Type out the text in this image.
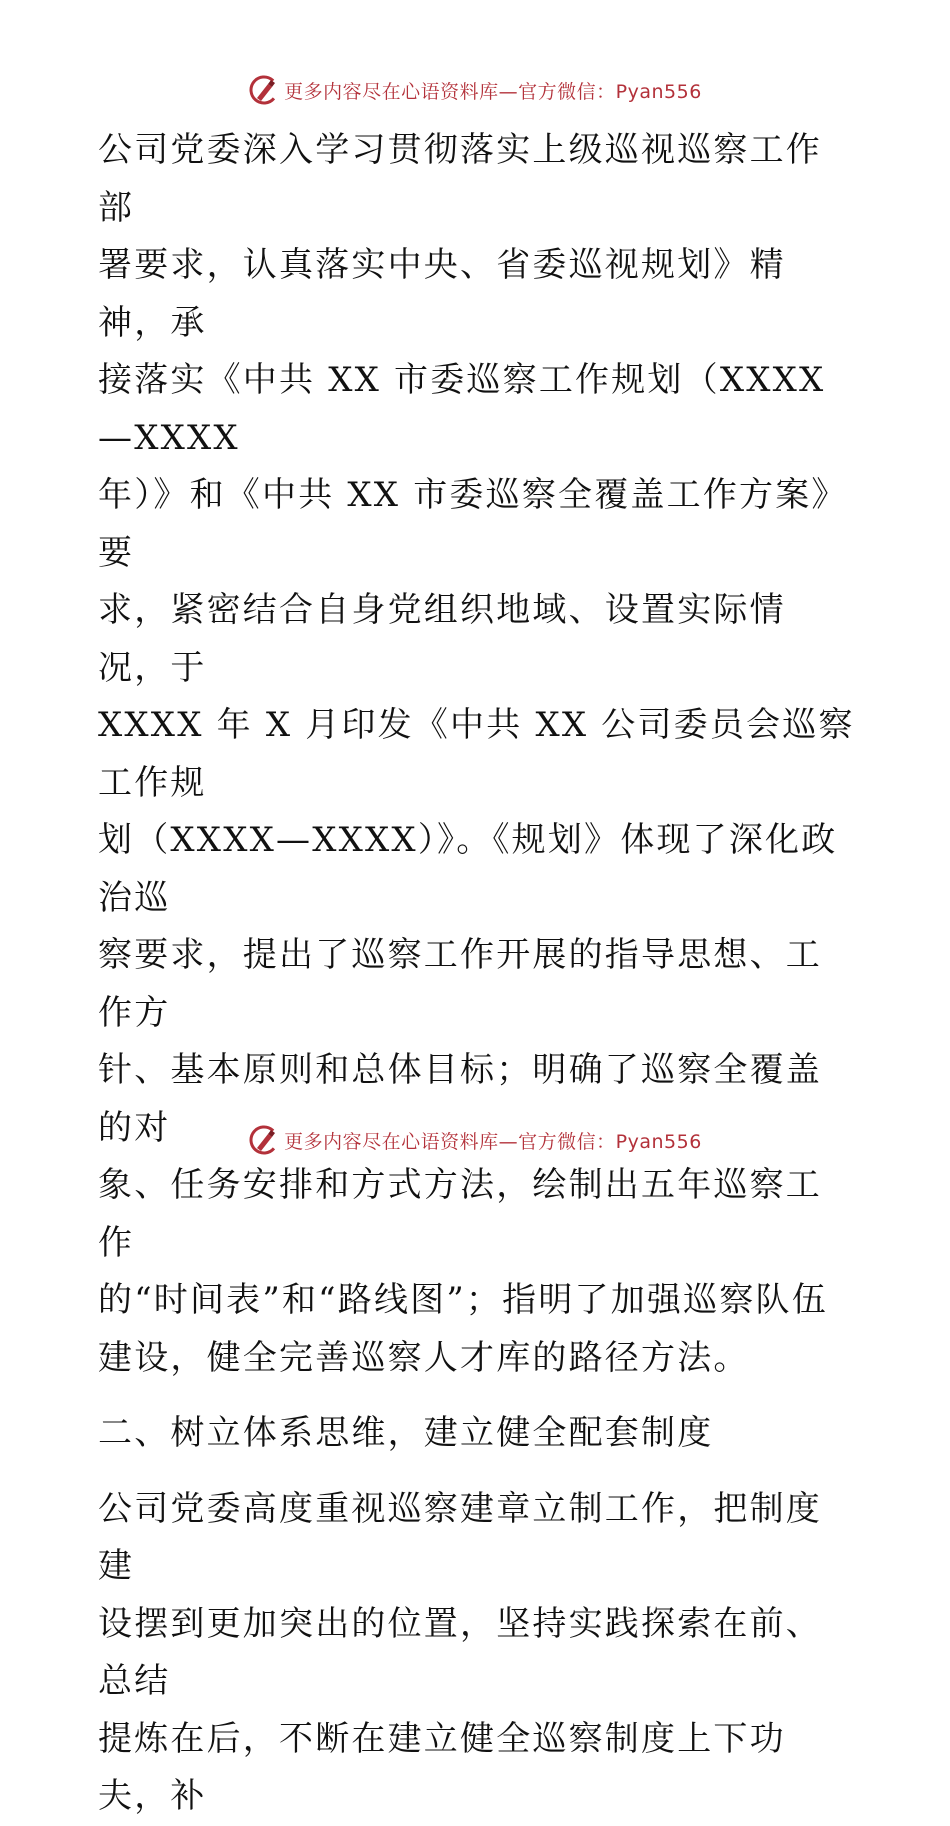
更多内容尽在心语资料库—官方微信：Pyan556

公司党委深入学习贯彻落实上级巡视巡察工作部
署要求，认真落实中央、省委巡视规划》精神，承
接落实《中共 XX 市委巡察工作规划（XXXX—XXXX
年）》和《中共 XX 市委巡察全覆盖工作方案》要
求，紧密结合自身党组织地域、设置实际情况，于
XXXX 年 X 月印发《中共 XX 公司委员会巡察工作规
划（XXXX—XXXX）》。《规划》体现了深化政治巡
察要求，提出了巡察工作开展的指导思想、工作方
针、基本原则和总体目标；明确了巡察全覆盖的对
象、任务安排和方式方法，绘制出五年巡察工作
的“时间表”和“路线图”；指明了加强巡察队伍
建设，健全完善巡察人才库的路径方法。

二、树立体系思维，建立健全配套制度

公司党委高度重视巡察建章立制工作，把制度建
设摆到更加突出的位置，坚持实践探索在前、总结
提炼在后，不断在建立健全巡察制度上下功夫，补

更多内容尽在心语资料库—官方微信：Pyan556
